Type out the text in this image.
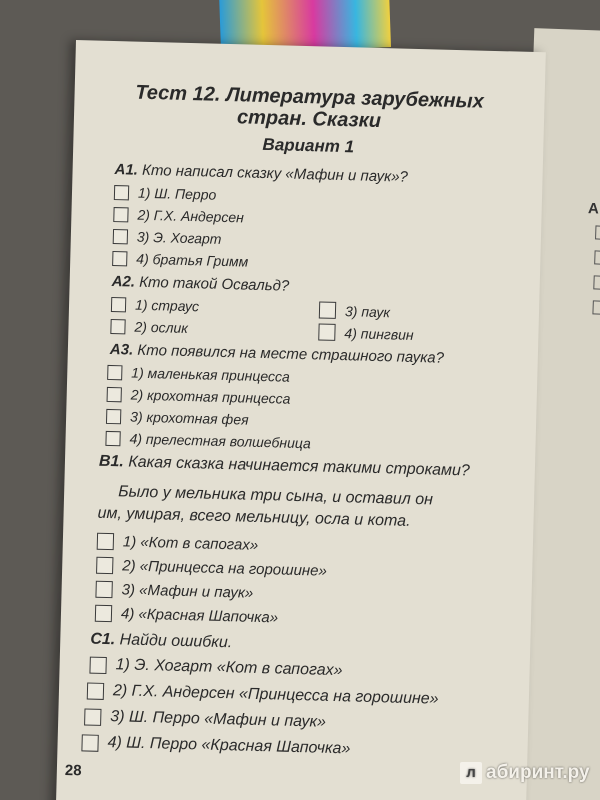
А
Тест 12. Литература зарубежных
стран. Сказки
Вариант 1
А1. Кто написал сказку «Мафин и паук»?
1) Ш. Перро
2) Г.Х. Андерсен
3) Э. Хогарт
4) братья Гримм
А2. Кто такой Освальд?
1) страус
2) ослик
3) паук
4) пингвин
А3. Кто появился на месте страшного паука?
1) маленькая принцесса
2) крохотная принцесса
3) крохотная фея
4) прелестная волшебница
В1. Какая сказка начинается такими строками?
Было у мельника три сына, и оставил он
им, умирая, всего мельницу, осла и кота.
1) «Кот в сапогах»
2) «Принцесса на горошине»
3) «Мафин и паук»
4) «Красная Шапочка»
С1. Найди ошибки.
1) Э. Хогарт «Кот в сапогах»
2) Г.Х. Андерсен «Принцесса на горошине»
3) Ш. Перро «Мафин и паук»
4) Ш. Перро «Красная Шапочка»
28	л абиринт.ру
